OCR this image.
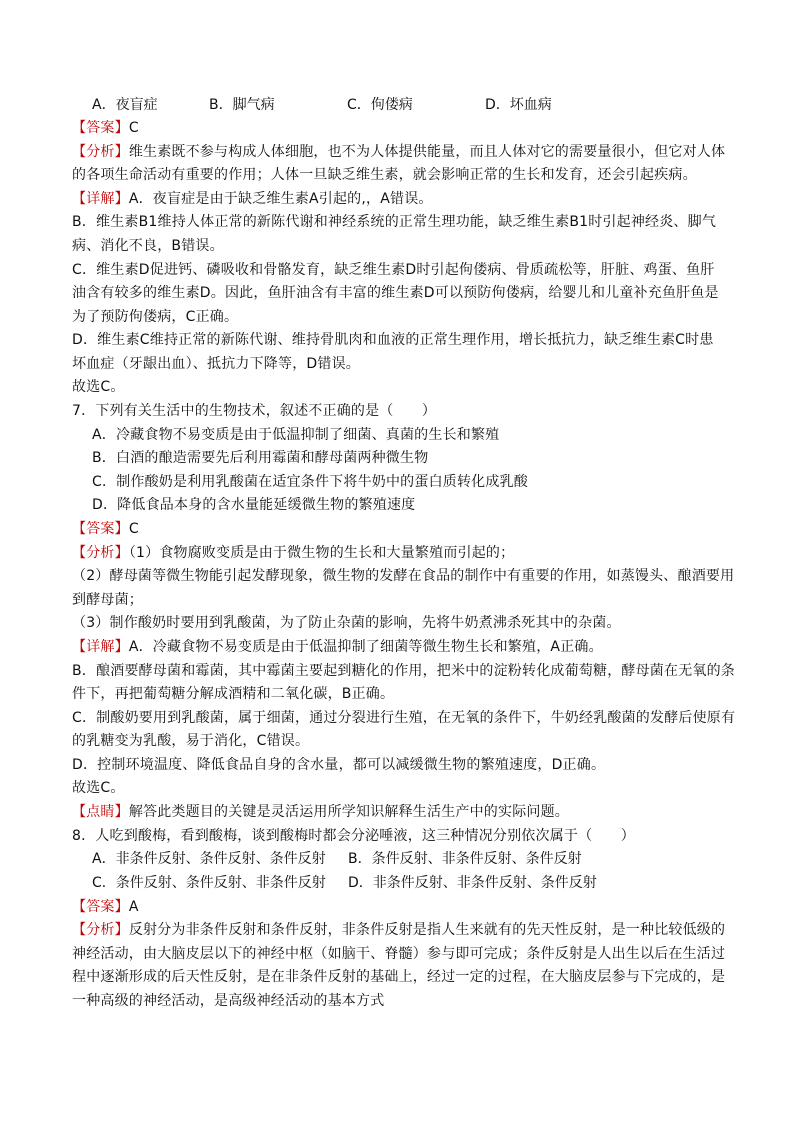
A．夜盲症	B．脚气病	C．佝偻病	D．坏血病
【答案】C
【分析】维生素既不参与构成人体细胞，也不为人体提供能量，而且人体对它的需要量很小，但它对人体
的各项生命活动有重要的作用；人体一旦缺乏维生素，就会影响正常的生长和发育，还会引起疾病。
【详解】A．夜盲症是由于缺乏维生素A引起的,，A错误。
B．维生素B1维持人体正常的新陈代谢和神经系统的正常生理功能，缺乏维生素B1时引起神经炎、脚气
病、消化不良，B错误。
C．维生素D促进钙、磷吸收和骨骼发育，缺乏维生素D时引起佝偻病、骨质疏松等，肝脏、鸡蛋、鱼肝
油含有较多的维生素D。因此，鱼肝油含有丰富的维生素D可以预防佝偻病，给婴儿和儿童补充鱼肝鱼是
为了预防佝偻病，C正确。
D．维生素C维持正常的新陈代谢、维持骨肌肉和血液的正常生理作用，增长抵抗力，缺乏维生素C时患
坏血症（牙龈出血）、抵抗力下降等，D错误。
故选C。
7．下列有关生活中的生物技术，叙述不正确的是（　　）
A．冷藏食物不易变质是由于低温抑制了细菌、真菌的生长和繁殖
B．白酒的酿造需要先后利用霉菌和酵母菌两种微生物
C．制作酸奶是利用乳酸菌在适宜条件下将牛奶中的蛋白质转化成乳酸
D．降低食品本身的含水量能延缓微生物的繁殖速度
【答案】C
【分析】（1）食物腐败变质是由于微生物的生长和大量繁殖而引起的；
（2）酵母菌等微生物能引起发酵现象，微生物的发酵在食品的制作中有重要的作用，如蒸馒头、酿酒要用
到酵母菌；
（3）制作酸奶时要用到乳酸菌，为了防止杂菌的影响，先将牛奶煮沸杀死其中的杂菌。
【详解】A．冷藏食物不易变质是由于低温抑制了细菌等微生物生长和繁殖，A正确。
B．酿酒要酵母菌和霉菌，其中霉菌主要起到糖化的作用，把米中的淀粉转化成葡萄糖，酵母菌在无氧的条
件下，再把葡萄糖分解成酒精和二氧化碳，B正确。
C．制酸奶要用到乳酸菌，属于细菌，通过分裂进行生殖，在无氧的条件下，牛奶经乳酸菌的发酵后使原有
的乳糖变为乳酸，易于消化，C错误。
D．控制环境温度、降低食品自身的含水量，都可以减缓微生物的繁殖速度，D正确。
故选C。
【点睛】解答此类题目的关键是灵活运用所学知识解释生活生产中的实际问题。
8．人吃到酸梅，看到酸梅，谈到酸梅时都会分泌唾液，这三种情况分别依次属于（　　）
A．非条件反射、条件反射、条件反射 B．条件反射、非条件反射、条件反射
C．条件反射、条件反射、非条件反射 D．非条件反射、非条件反射、条件反射
【答案】A
【分析】反射分为非条件反射和条件反射，非条件反射是指人生来就有的先天性反射，是一种比较低级的
神经活动，由大脑皮层以下的神经中枢（如脑干、脊髓）参与即可完成；条件反射是人出生以后在生活过
程中逐渐形成的后天性反射，是在非条件反射的基础上，经过一定的过程，在大脑皮层参与下完成的，是
一种高级的神经活动，是高级神经活动的基本方式
